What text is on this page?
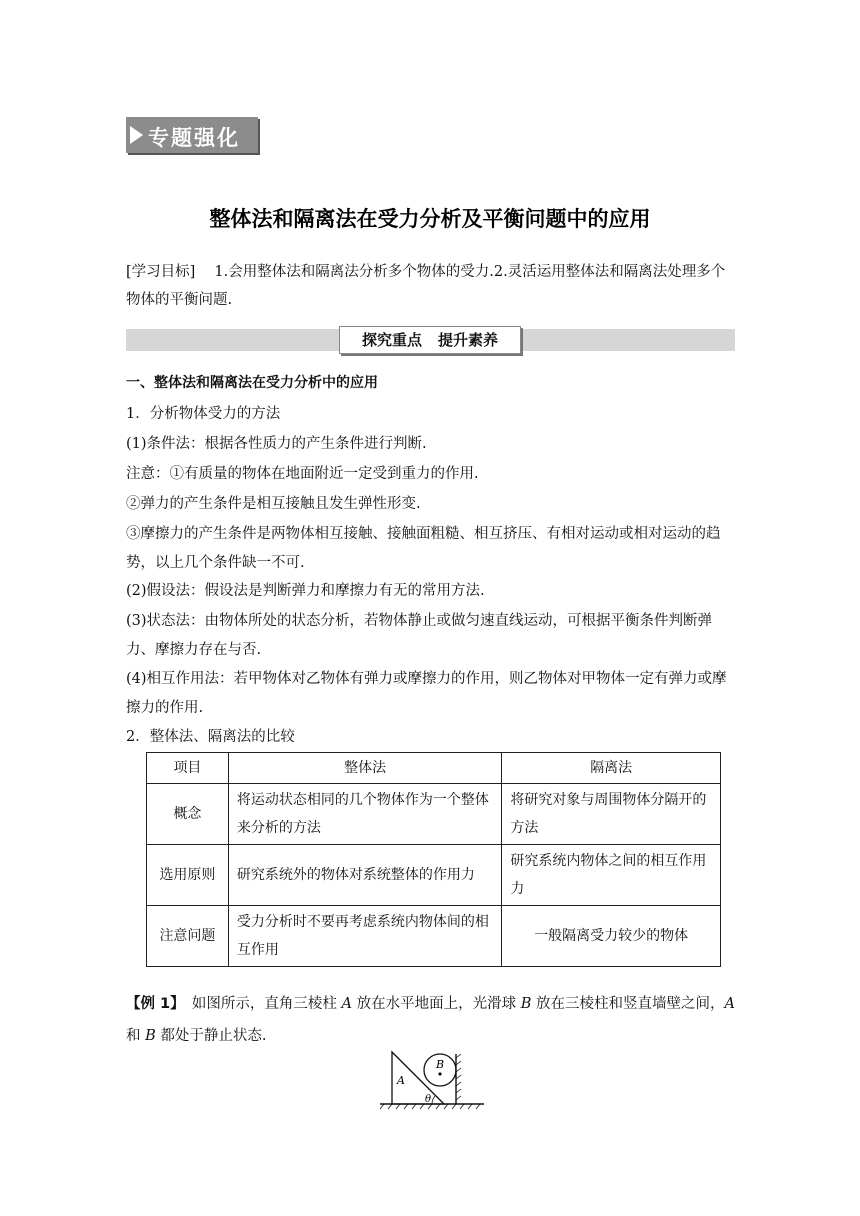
专题强化
整体法和隔离法在受力分析及平衡问题中的应用
[学习目标]　 1.会用整体法和隔离法分析多个物体的受力.2.灵活运用整体法和隔离法处理多个物体的平衡问题.
探究重点 提升素养
一、整体法和隔离法在受力分析中的应用
1．分析物体受力的方法
(1)条件法：根据各性质力的产生条件进行判断.
注意：①有质量的物体在地面附近一定受到重力的作用.
②弹力的产生条件是相互接触且发生弹性形变.
③摩擦力的产生条件是两物体相互接触、接触面粗糙、相互挤压、有相对运动或相对运动的趋势，以上几个条件缺一不可.
(2)假设法：假设法是判断弹力和摩擦力有无的常用方法.
(3)状态法：由物体所处的状态分析，若物体静止或做匀速直线运动，可根据平衡条件判断弹力、摩擦力存在与否.
(4)相互作用法：若甲物体对乙物体有弹力或摩擦力的作用，则乙物体对甲物体一定有弹力或摩擦力的作用.
2．整体法、隔离法的比较
项目	整体法	隔离法
概念	将运动状态相同的几个物体作为一个整体来分析的方法	将研究对象与周围物体分隔开的方法
选用原则	研究系统外的物体对系统整体的作用力	研究系统内物体之间的相互作用力
注意问题	受力分析时不要再考虑系统内物体间的相互作用	一般隔离受力较少的物体
【例 1】　如图所示，直角三棱柱 A 放在水平地面上，光滑球 B 放在三棱柱和竖直墙壁之间，A
和 B 都处于静止状态.
A
B
θ
